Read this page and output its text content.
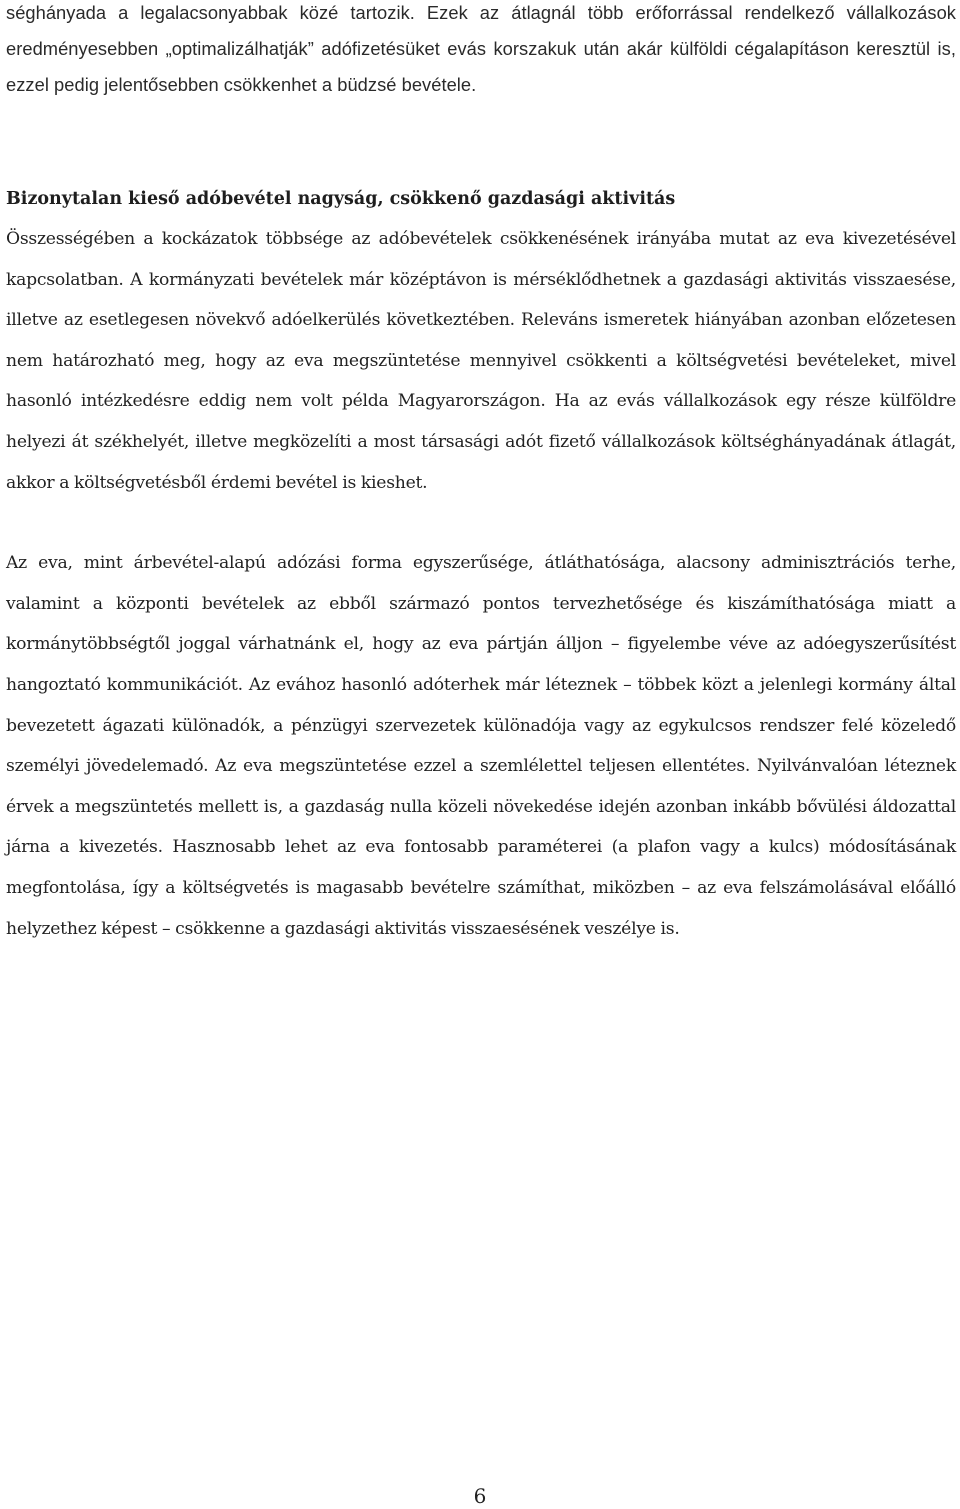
séghányada a legalacsonyabbak közé tartozik. Ezek az átlagnál több erőforrással rendelkező vállalkozások eredményesebben „optimalizálhatják” adófizetésüket evás korszakuk után akár külföldi cégalapításon keresztül is, ezzel pedig jelentősebben csökkenhet a büdzsé bevétele.

Bizonytalan kieső adóbevétel nagyság, csökkenő gazdasági aktivitás

Összességében a kockázatok többsége az adóbevételek csökkenésének irányába mutat az eva kivezetésével kapcsolatban. A kormányzati bevételek már középtávon is mérséklődhetnek a gazdasági aktivitás visszaesése, illetve az esetlegesen növekvő adóelkerülés következtében. Releváns ismeretek hiányában azonban előzetesen nem határozható meg, hogy az eva megszüntetése mennyivel csökkenti a költségvetési bevételeket, mivel hasonló intézkedésre eddig nem volt példa Magyarországon. Ha az evás vállalkozások egy része külföldre helyezi át székhelyét, illetve megközelíti a most társasági adót fizető vállalkozások költséghányadának átlagát, akkor a költségvetésből érdemi bevétel is kieshet.

Az eva, mint árbevétel-alapú adózási forma egyszerűsége, átláthatósága, alacsony adminisztrációs terhe, valamint a központi bevételek az ebből származó pontos tervezhetősége és kiszámíthatósága miatt a kormánytöbbségtől joggal várhatnánk el, hogy az eva pártján álljon – figyelembe véve az adóegyszerűsítést hangoztató kommunikációt. Az evához hasonló adóterhek már léteznek – többek közt a jelenlegi kormány által bevezetett ágazati különadók, a pénzügyi szervezetek különadója vagy az egykulcsos rendszer felé közeledő személyi jövedelemadó. Az eva megszüntetése ezzel a szemlélettel teljesen ellentétes. Nyilvánvalóan léteznek érvek a megszüntetés mellett is, a gazdaság nulla közeli növekedése idején azonban inkább bővülési áldozattal járna a kivezetés. Hasznosabb lehet az eva fontosabb paraméterei (a plafon vagy a kulcs) módosításának megfontolása, így a költségvetés is magasabb bevételre számíthat, miközben – az eva felszámolásával előálló helyzethez képest – csökkenne a gazdasági aktivitás visszaesésének veszélye is.

6
